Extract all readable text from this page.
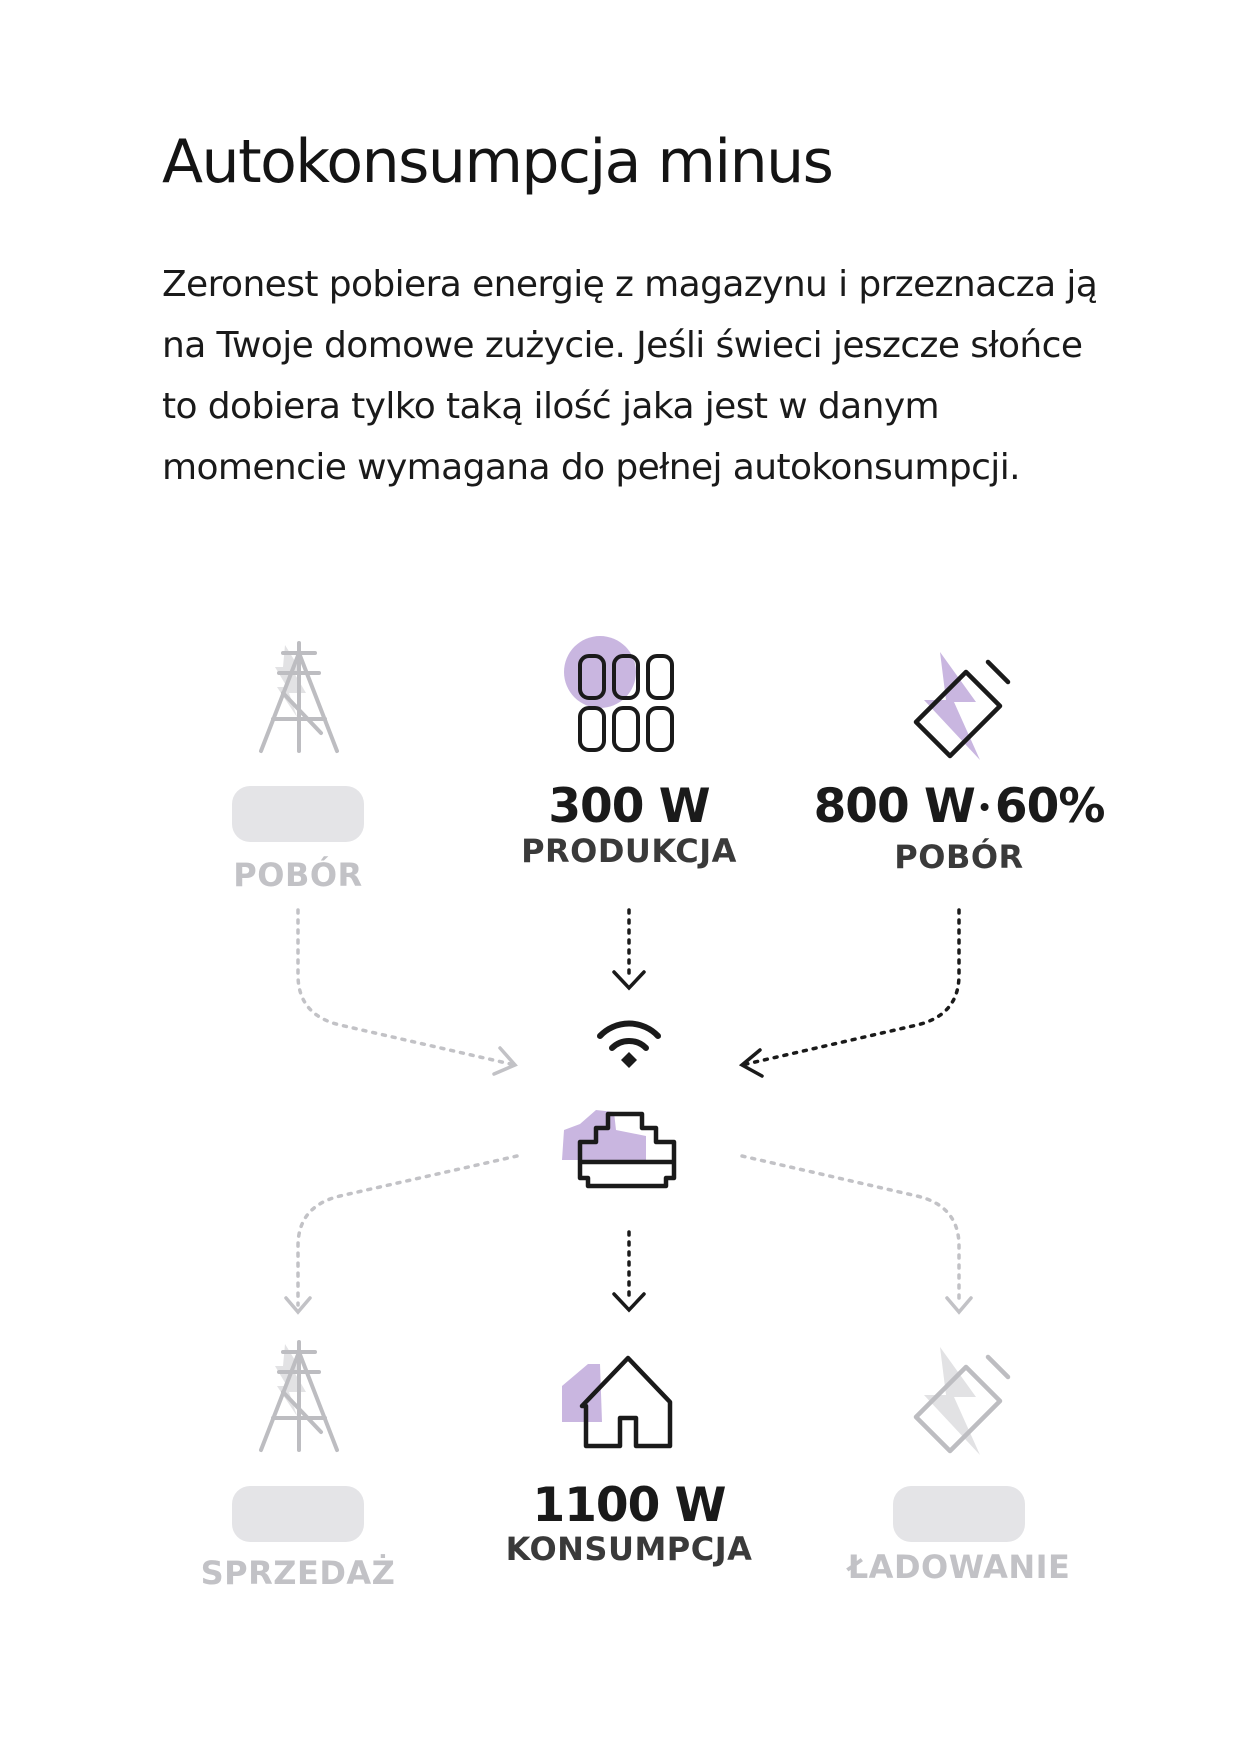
Autokonsumpcja minus

Zeronest pobiera energię z magazynu i przeznacza ją na Twoje domowe zużycie. Jeśli świeci jeszcze słońce to dobiera tylko taką ilość jaka jest w danym momencie wymagana do pełnej autokonsumpcji.

POBÓR
300 W
PRODUKCJA
800 W 60%
POBÓR
SPRZEDAŻ
1100 W
KONSUMPCJA	ŁADOWANIE
